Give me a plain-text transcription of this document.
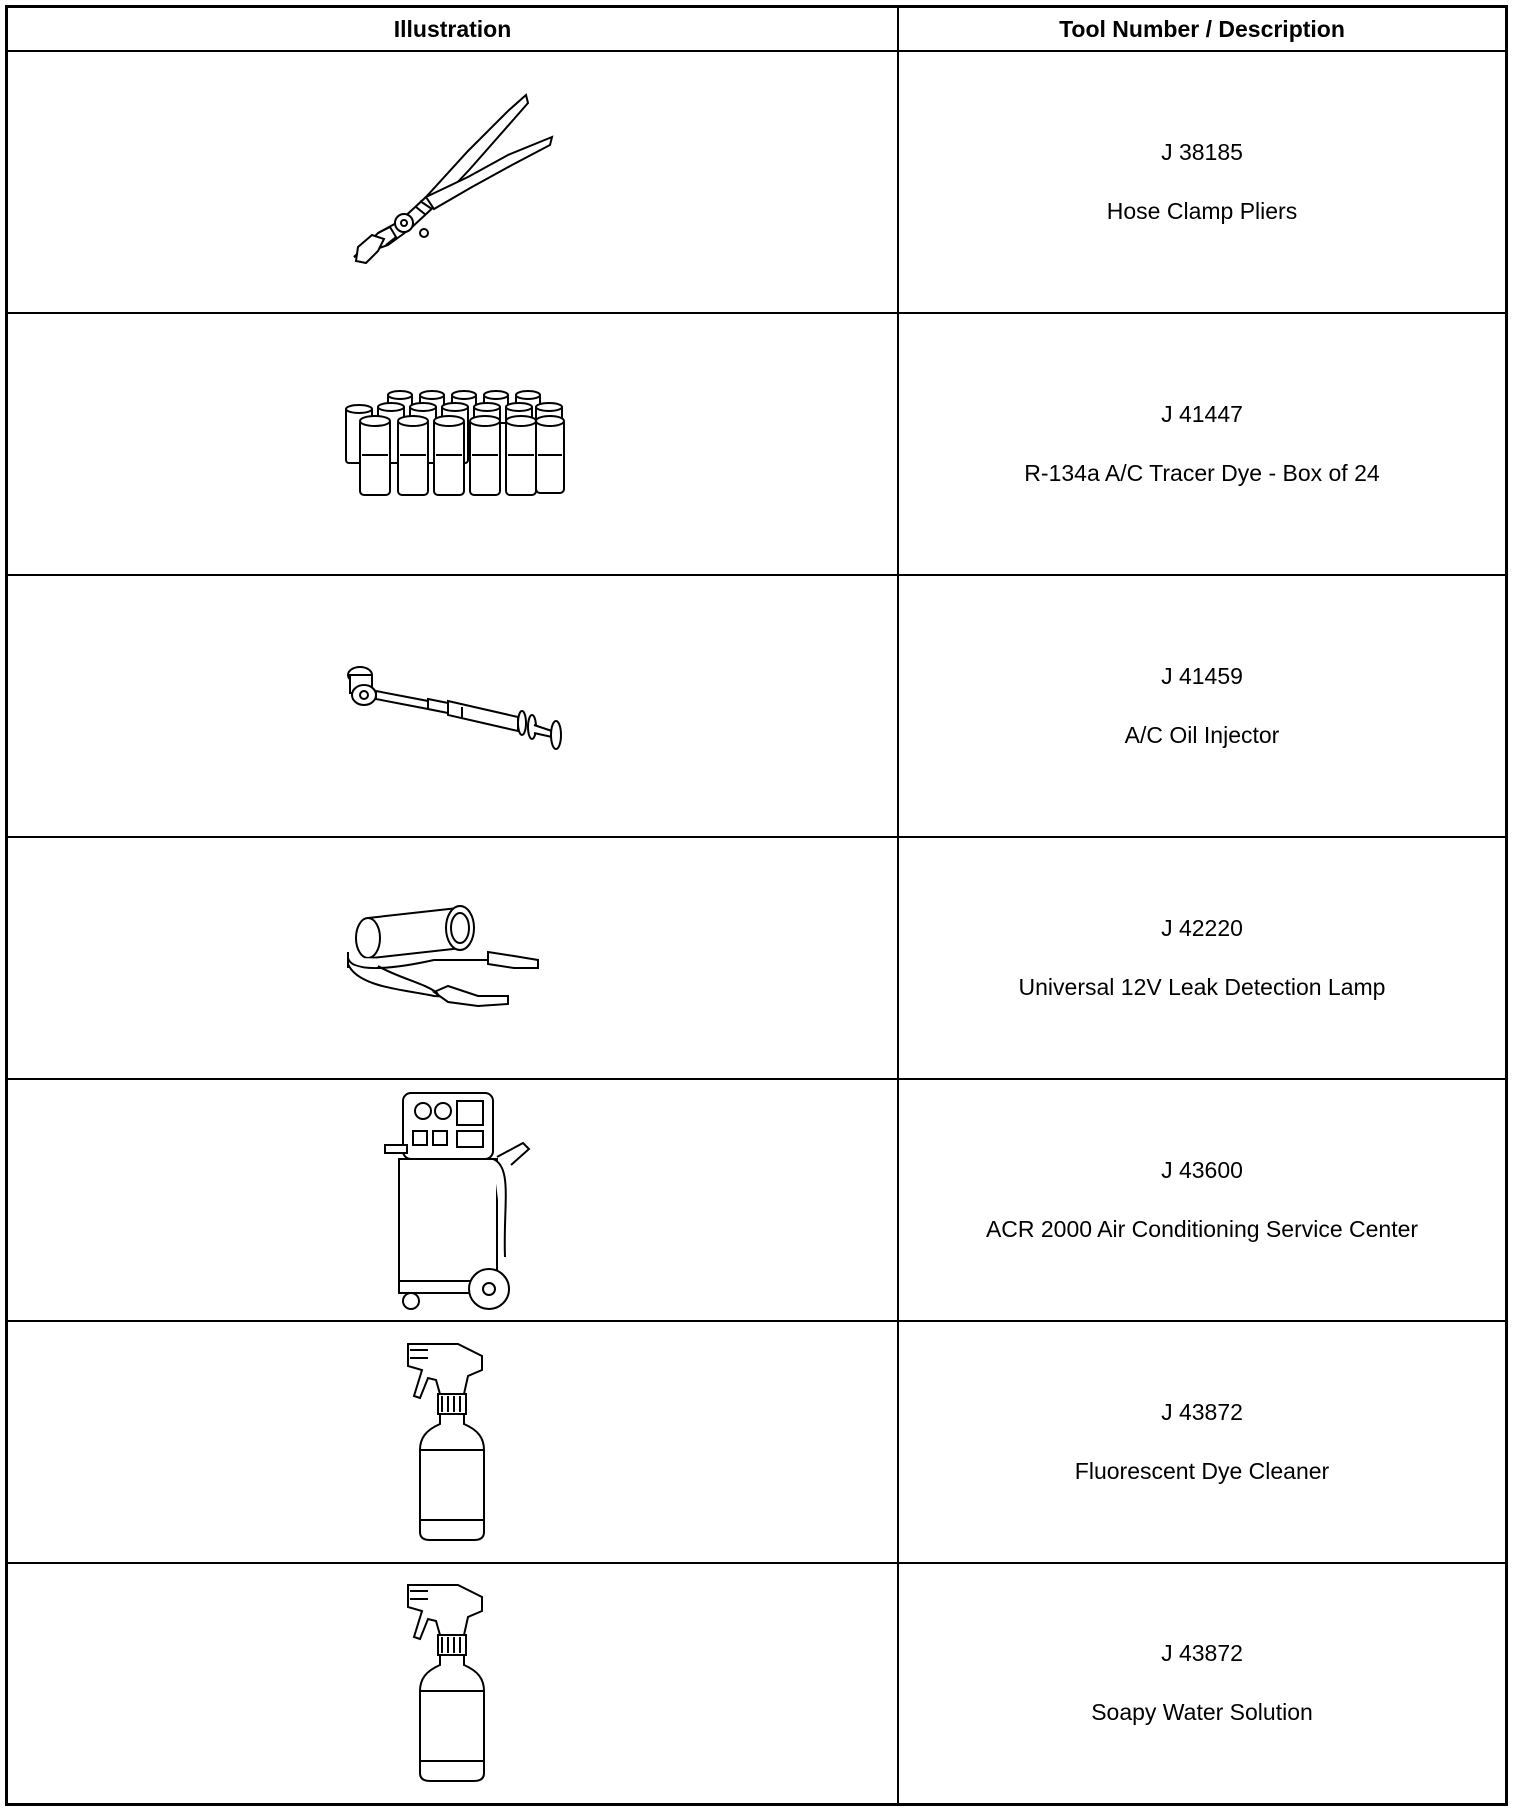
Illustration	Tool Number / Description

J 38185
Hose Clamp Pliers

J 41447
R-134a A/C Tracer Dye - Box of 24

J 41459
A/C Oil Injector

J 42220
Universal 12V Leak Detection Lamp

J 43600
ACR 2000 Air Conditioning Service Center

J 43872
Fluorescent Dye Cleaner

J 43872
Soapy Water Solution
